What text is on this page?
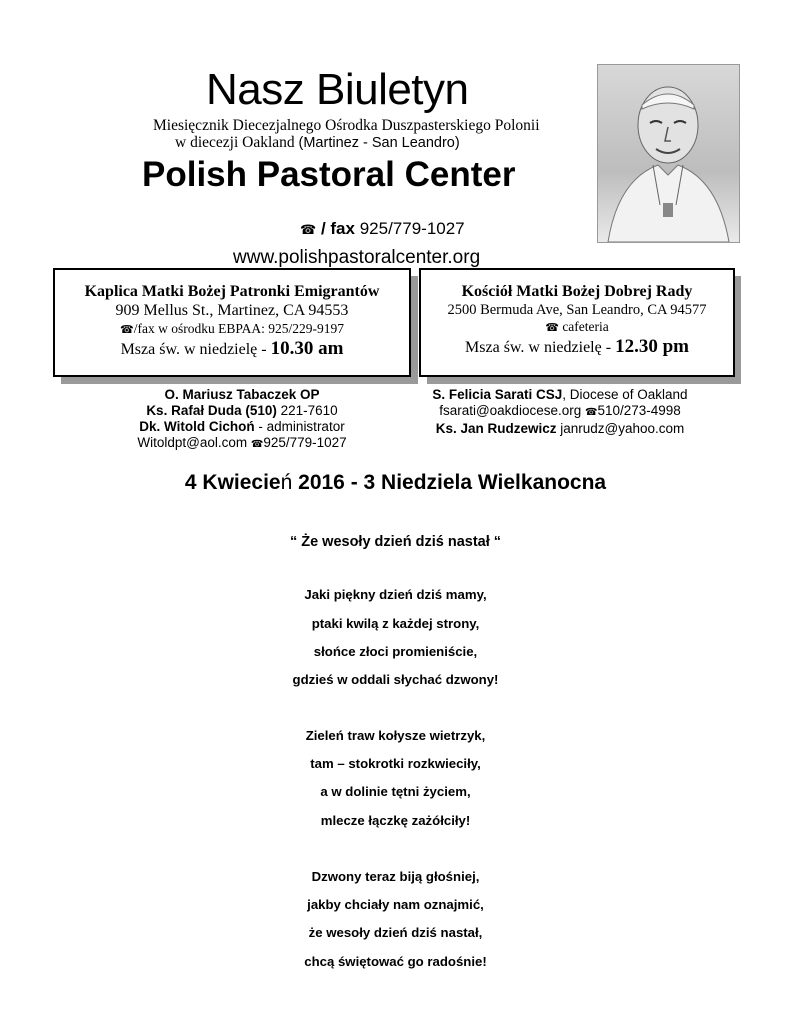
Nasz Biuletyn
Miesięcznik Diecezjalnego Ośrodka Duszpasterskiego Polonii
w diecezji Oakland (Martinez - San Leandro)
Polish Pastoral Center
☎ / fax 925/779-1027
www.polishpastoralcenter.org
Kaplica Matki Bożej Patronki Emigrantów
909 Mellus St., Martinez, CA 94553
☎/fax w ośrodku EBPAA: 925/229-9197
Msza św. w niedzielę - 10.30 am
Kościół Matki Bożej Dobrej Rady
2500 Bermuda Ave, San Leandro, CA 94577
☎ cafeteria
Msza św. w niedzielę - 12.30 pm
O. Mariusz Tabaczek OP
Ks. Rafał Duda (510) 221-7610
Dk. Witold Cichoń - administrator
Witoldpt@aol.com ☎925/779-1027
S. Felicia Sarati CSJ, Diocese of Oakland
fsarati@oakdiocese.org ☎510/273-4998
Ks. Jan Rudzewicz janrudz@yahoo.com
4 Kwiecień 2016 - 3 Niedziela Wielkanocna
“ Że wesoły dzień dziś nastał “
Jaki piękny dzień dziś mamy,
ptaki kwilą z każdej strony,
słońce złoci promieniście,
gdzieś w oddali słychać dzwony!
Zieleń traw kołysze wietrzyk,
tam – stokrotki rozkwieciły,
a w dolinie tętni życiem,
mlecze łączkę zażółciły!
Dzwony teraz biją głośniej,
jakby chciały nam oznajmić,
że wesoły dzień dziś nastał,
chcą świętować go radośnie!
